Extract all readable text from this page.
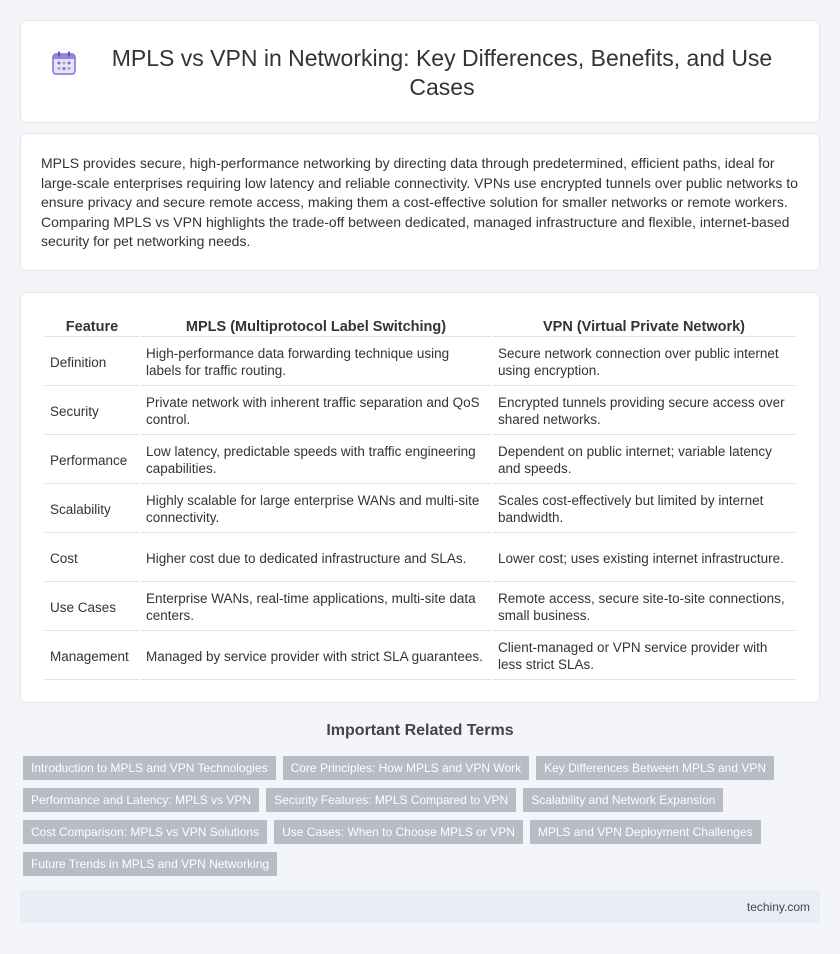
MPLS vs VPN in Networking: Key Differences, Benefits, and Use Cases

MPLS provides secure, high-performance networking by directing data through predetermined, efficient paths, ideal for large-scale enterprises requiring low latency and reliable connectivity. VPNs use encrypted tunnels over public networks to ensure privacy and secure remote access, making them a cost-effective solution for smaller networks or remote workers. Comparing MPLS vs VPN highlights the trade-off between dedicated, managed infrastructure and flexible, internet-based security for pet networking needs.

Feature	MPLS (Multiprotocol Label Switching)	VPN (Virtual Private Network)
Definition	High-performance data forwarding technique using labels for traffic routing.	Secure network connection over public internet using encryption.
Security	Private network with inherent traffic separation and QoS control.	Encrypted tunnels providing secure access over shared networks.
Performance	Low latency, predictable speeds with traffic engineering capabilities.	Dependent on public internet; variable latency and speeds.
Scalability	Highly scalable for large enterprise WANs and multi-site connectivity.	Scales cost-effectively but limited by internet bandwidth.
Cost	Higher cost due to dedicated infrastructure and SLAs.	Lower cost; uses existing internet infrastructure.
Use Cases	Enterprise WANs, real-time applications, multi-site data centers.	Remote access, secure site-to-site connections, small business.
Management	Managed by service provider with strict SLA guarantees.	Client-managed or VPN service provider with less strict SLAs.
Important Related Terms
Introduction to MPLS and VPN Technologies	Core Principles: How MPLS and VPN Work	Key Differences Between MPLS and VPN
Performance and Latency: MPLS vs VPN	Security Features: MPLS Compared to VPN	Scalability and Network Expansion
Cost Comparison: MPLS vs VPN Solutions	Use Cases: When to Choose MPLS or VPN	MPLS and VPN Deployment Challenges
Future Trends in MPLS and VPN Networking
techiny.com
